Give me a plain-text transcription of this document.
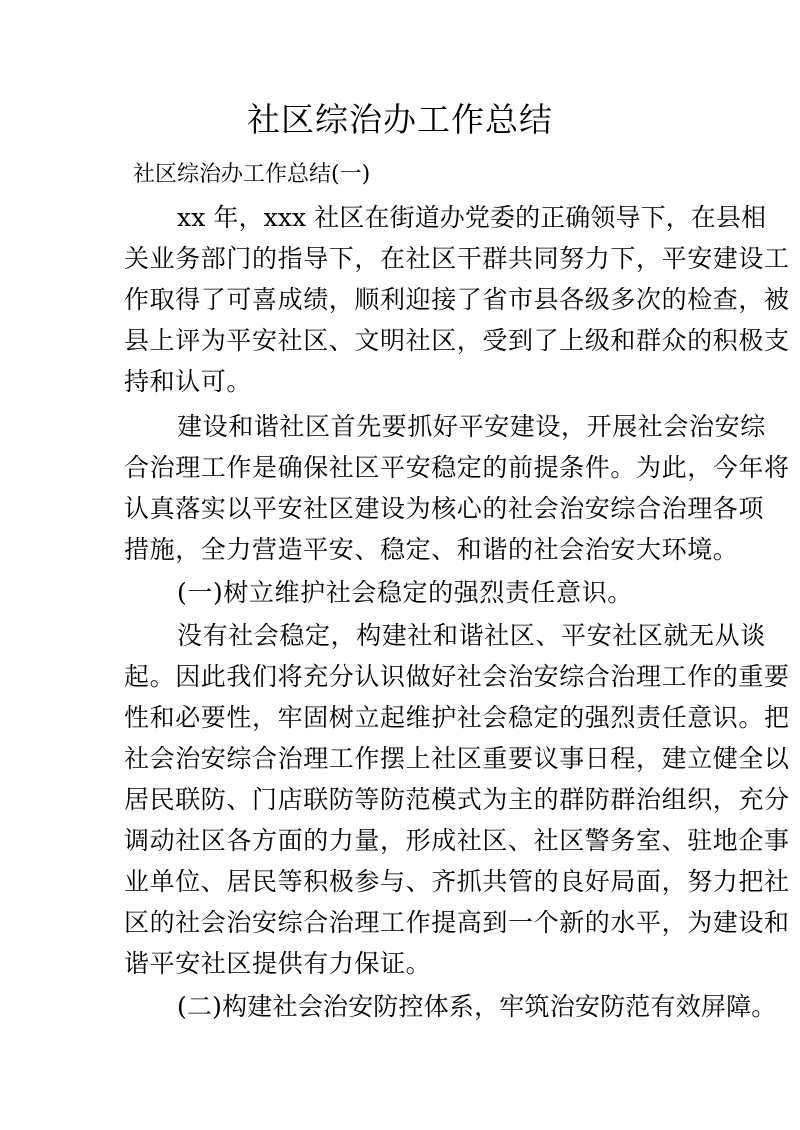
社区综治办工作总结
社区综治办工作总结(一)
xx 年，xxx 社区在街道办党委的正确领导下，在县相
关业务部门的指导下，在社区干群共同努力下，平安建设工
作取得了可喜成绩，顺利迎接了省市县各级多次的检查，被
县上评为平安社区、文明社区，受到了上级和群众的积极支
持和认可。
建设和谐社区首先要抓好平安建设，开展社会治安综
合治理工作是确保社区平安稳定的前提条件。为此，今年将
认真落实以平安社区建设为核心的社会治安综合治理各项
措施，全力营造平安、稳定、和谐的社会治安大环境。
(一)树立维护社会稳定的强烈责任意识。
没有社会稳定，构建社和谐社区、平安社区就无从谈
起。因此我们将充分认识做好社会治安综合治理工作的重要
性和必要性，牢固树立起维护社会稳定的强烈责任意识。把
社会治安综合治理工作摆上社区重要议事日程，建立健全以
居民联防、门店联防等防范模式为主的群防群治组织，充分
调动社区各方面的力量，形成社区、社区警务室、驻地企事
业单位、居民等积极参与、齐抓共管的良好局面，努力把社
区的社会治安综合治理工作提高到一个新的水平，为建设和
谐平安社区提供有力保证。
(二)构建社会治安防控体系，牢筑治安防范有效屏障。
